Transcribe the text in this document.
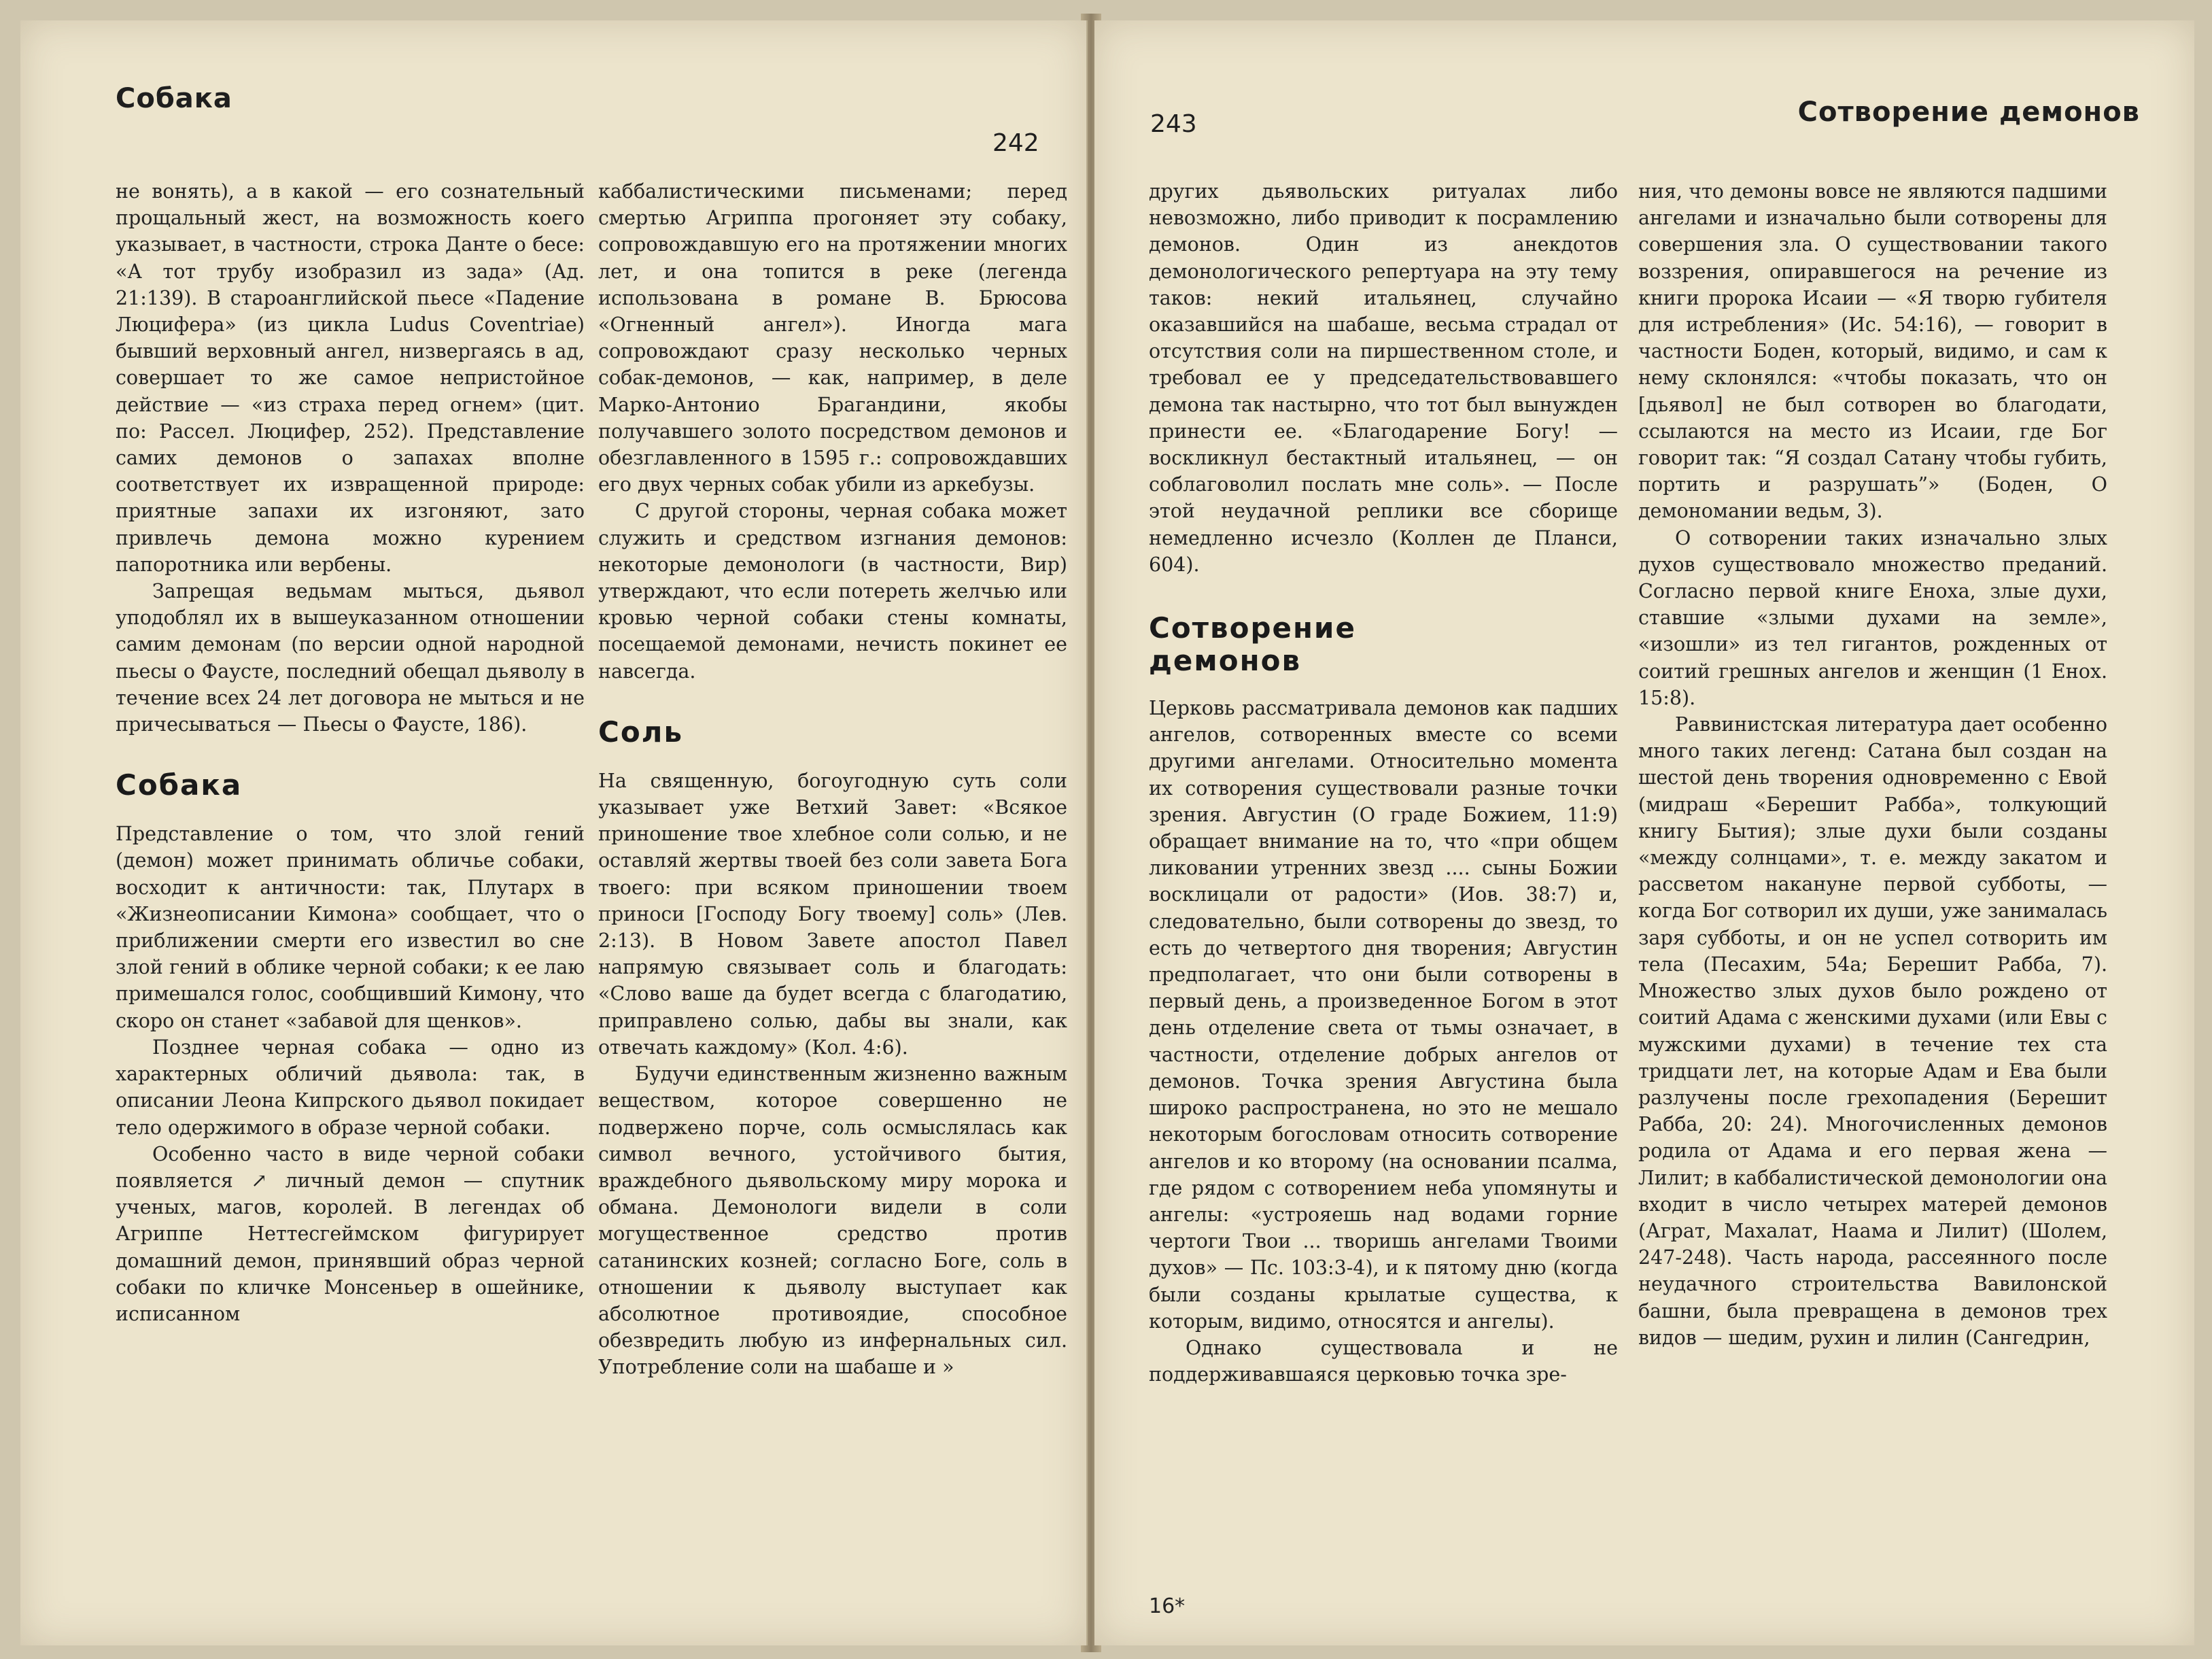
Собака
242

не вонять), а в какой — его сознательный прощальный жест, на возможность коего указывает, в частности, строка Данте о бесе: «А тот трубу изобразил из зада» (Ад. 21:139). В староанглийской пьесе «Падение Люцифера» (из цикла Ludus Coventriae) бывший верховный ангел, низвергаясь в ад, совершает то же самое непристойное действие — «из страха перед огнем» (цит. по: Рассел. Люцифер, 252). Представление самих демонов о запахах вполне соответствует их извращенной природе: приятные запахи их изгоняют, зато привлечь демона можно курением папоротника или вербены.

Запрещая ведьмам мыться, дьявол уподоблял их в вышеуказанном отношении самим демонам (по версии одной народной пьесы о Фаусте, последний обещал дьяволу в течение всех 24 лет договора не мыться и не причесываться — Пьесы о Фаусте, 186).

Собака

Представление о том, что злой гений (демон) может принимать обличье собаки, восходит к античности: так, Плутарх в «Жизнеописании Кимона» сообщает, что о приближении смерти его известил во сне злой гений в облике черной собаки; к ее лаю примешался голос, сообщивший Кимону, что скоро он станет «забавой для щенков».

Позднее черная собака — одно из характерных обличий дьявола: так, в описании Леона Кипрского дьявол покидает тело одержимого в образе черной собаки.

Особенно часто в виде черной собаки появляется ↗ личный демон — спутник ученых, магов, королей. В легендах об Агриппе Неттесгеймском фигурирует домашний демон, принявший образ черной собаки по кличке Монсеньер в ошейнике, исписанном

каббалистическими письменами; перед смертью Агриппа прогоняет эту собаку, сопровождавшую его на протяжении многих лет, и она топится в реке (легенда использована в романе В. Брюсова «Огненный ангел»). Иногда мага сопровождают сразу несколько черных собак-демонов, — как, например, в деле Марко-Антонио Брагандини, якобы получавшего золото посредством демонов и обезглавленного в 1595 г.: сопровождавших его двух черных собак убили из аркебузы.

С другой стороны, черная собака может служить и средством изгнания демонов: некоторые демонологи (в частности, Вир) утверждают, что если потереть желчью или кровью черной собаки стены комнаты, посещаемой демонами, нечисть покинет ее навсегда.

Соль

На священную, богоугодную суть соли указывает уже Ветхий Завет: «Всякое приношение твое хлебное соли солью, и не оставляй жертвы твоей без соли завета Бога твоего: при всяком приношении твоем приноси [Господу Богу твоему] соль» (Лев. 2:13). В Новом Завете апостол Павел напрямую связывает соль и благодать: «Слово ваше да будет всегда с благодатию, приправлено солью, дабы вы знали, как отвечать каждому» (Кол. 4:6).

Будучи единственным жизненно важным веществом, которое совершенно не подвержено порче, соль осмыслялась как символ вечного, устойчивого бытия, враждебного дьявольскому миру морока и обмана. Демонологи видели в соли могущественное средство против сатанинских козней; согласно Боге, соль в отношении к дьяволу выступает как абсолютное противоядие, способное обезвредить любую из инфернальных сил. Употребление соли на шабаше и »

243	Сотворение демонов

других дьявольских ритуалах либо невозможно, либо приводит к посрамлению демонов. Один из анекдотов демонологического репертуара на эту тему таков: некий итальянец, случайно оказавшийся на шабаше, весьма страдал от отсутствия соли на пиршественном столе, и требовал ее у председательствовавшего демона так настырно, что тот был вынужден принести ее. «Благодарение Богу! — воскликнул бестактный итальянец, — он соблаговолил послать мне соль». — После этой неудачной реплики все сборище немедленно исчезло (Коллен де Планси, 604).

Сотворение демонов

Церковь рассматривала демонов как падших ангелов, сотворенных вместе со всеми другими ангелами. Относительно момента их сотворения существовали разные точки зрения. Августин (О граде Божием, 11:9) обращает внимание на то, что «при общем ликовании утренних звезд .... сыны Божии восклицали от радости» (Иов. 38:7) и, следовательно, были сотворены до звезд, то есть до четвертого дня творения; Августин предполагает, что они были сотворены в первый день, а произведенное Богом в этот день отделение света от тьмы означает, в частности, отделение добрых ангелов от демонов. Точка зрения Августина была широко распространена, но это не мешало некоторым богословам относить сотворение ангелов и ко второму (на основании псалма, где рядом с сотворением неба упомянуты и ангелы: «устрояешь над водами горние чертоги Твои ... творишь ангелами Твоими духов» — Пс. 103:3-4), и к пятому дню (когда были созданы крылатые существа, к которым, видимо, относятся и ангелы).

Однако существовала и не поддерживавшаяся церковью точка зре-

ния, что демоны вовсе не являются падшими ангелами и изначально были сотворены для совершения зла. О существовании такого воззрения, опиравшегося на речение из книги пророка Исаии — «Я творю губителя для истребления» (Ис. 54:16), — говорит в частности Боден, который, видимо, и сам к нему склонялся: «чтобы показать, что он [дьявол] не был сотворен во благодати, ссылаются на место из Исаии, где Бог говорит так: “Я создал Сатану чтобы губить, портить и разрушать”» (Боден, О демономании ведьм, 3).

О сотворении таких изначально злых духов существовало множество преданий. Согласно первой книге Еноха, злые духи, ставшие «злыми духами на земле», «изошли» из тел гигантов, рожденных от соитий грешных ангелов и женщин (1 Енох. 15:8).

Раввинистская литература дает особенно много таких легенд: Сатана был создан на шестой день творения одновременно с Евой (мидраш «Берешит Рабба», толкующий книгу Бытия); злые духи были созданы «между солнцами», т. е. между закатом и рассветом накануне первой субботы, — когда Бог сотворил их души, уже занималась заря субботы, и он не успел сотворить им тела (Песахим, 54а; Берешит Рабба, 7). Множество злых духов было рождено от соитий Адама с женскими духами (или Евы с мужскими духами) в течение тех ста тридцати лет, на которые Адам и Ева были разлучены после грехопадения (Берешит Рабба, 20: 24). Многочисленных демонов родила от Адама и его первая жена — Лилит; в каббалистической демонологии она входит в число четырех матерей демонов (Аграт, Махалат, Наама и Лилит) (Шолем, 247-248). Часть народа, рассеянного после неудачного строительства Вавилонской башни, была превращена в демонов трех видов — шедим, рухин и лилин (Сангедрин,

16*
